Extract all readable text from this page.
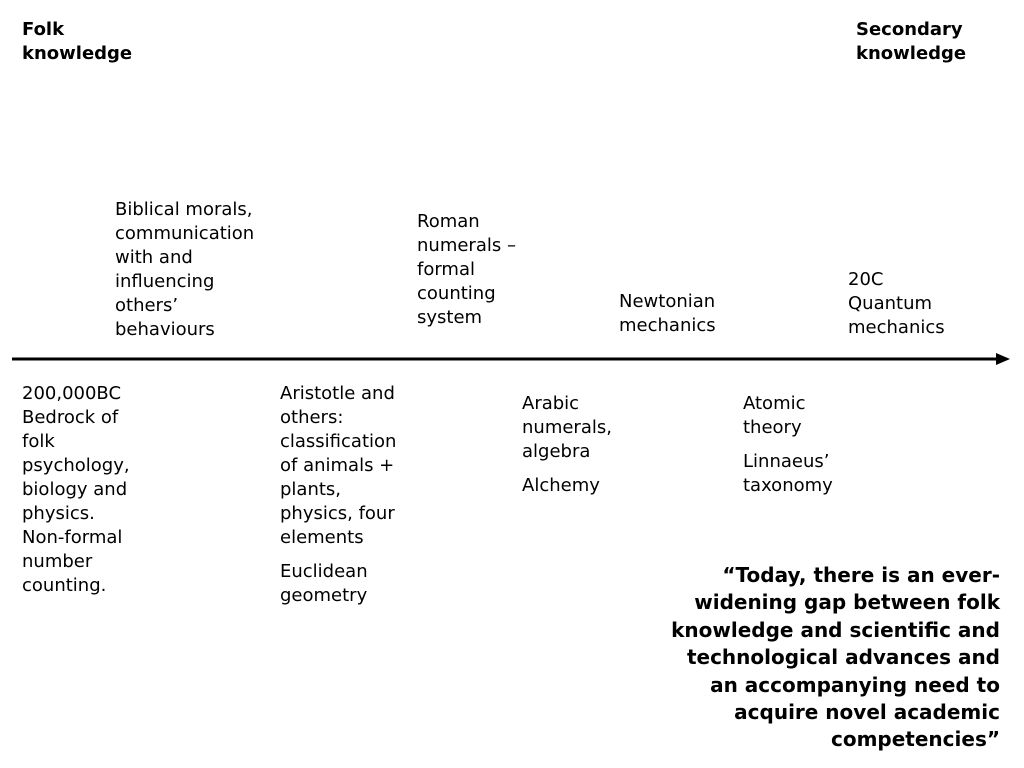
Folk
knowledge
Secondary
knowledge
Biblical morals, communication with and influencing others’ behaviours
Roman numerals – formal counting system
Newtonian mechanics
20C Quantum mechanics

200,000BC Bedrock of folk psychology, biology and physics. Non-formal number counting.

Aristotle and others: classification of animals + plants, physics, four elements

Euclidean geometry

Arabic numerals, algebra

Alchemy

Atomic theory

Linnaeus’ taxonomy

“Today, there is an ever-widening gap between folk knowledge and scientific and technological advances and an accompanying need to acquire novel academic competencies”
